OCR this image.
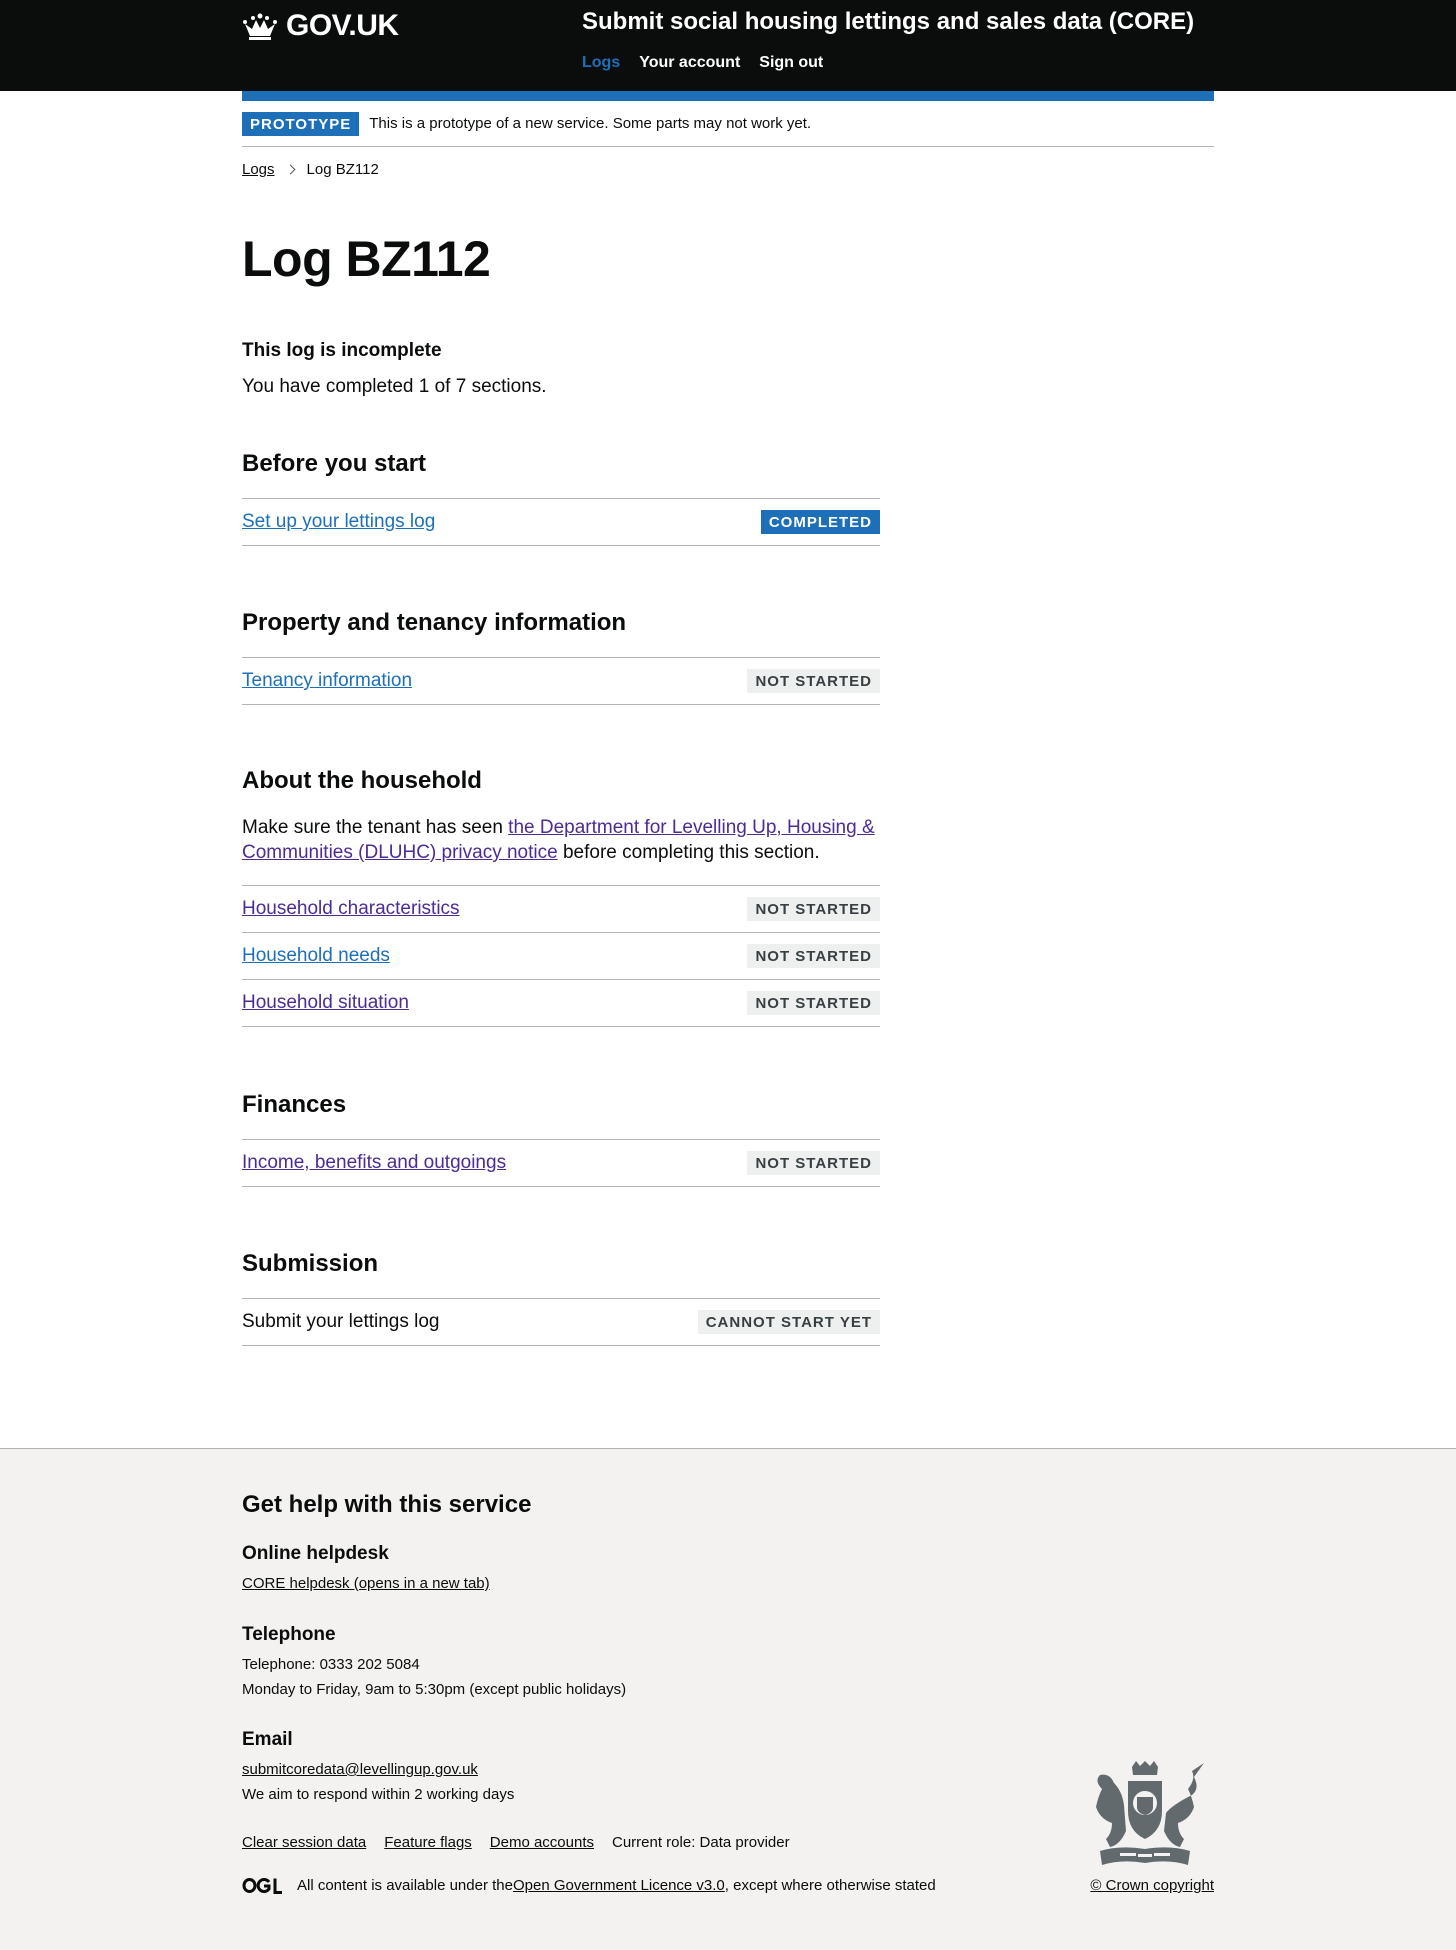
GOV.UK	Submit social housing lettings and sales data (CORE)
Logs Your account Sign out
PROTOTYPE	This is a prototype of a new service. Some parts may not work yet.
Logs Log BZ112
Log BZ112
This log is incomplete

You have completed 1 of 7 sections.

Before you start
Set up your lettings log	COMPLETED
Property and tenancy information
Tenancy information	NOT STARTED
About the household

Make sure the tenant has seen the Department for Levelling Up, Housing & Communities (DLUHC) privacy notice before completing this section.

Household characteristics	NOT STARTED
Household needs	NOT STARTED
Household situation	NOT STARTED
Finances
Income, benefits and outgoings	NOT STARTED
Submission
Submit your lettings log	CANNOT START YET
Get help with this service
Online helpdesk
CORE helpdesk (opens in a new tab)
Telephone
Telephone: 0333 202 5084
Monday to Friday, 9am to 5:30pm (except public holidays)
Email
submitcoredata@levellingup.gov.uk
We aim to respond within 2 working days
Clear session data Feature flags Demo accounts Current role: Data provider
All content is available under the Open Government Licence v3.0 , except where otherwise stated	© Crown copyright
